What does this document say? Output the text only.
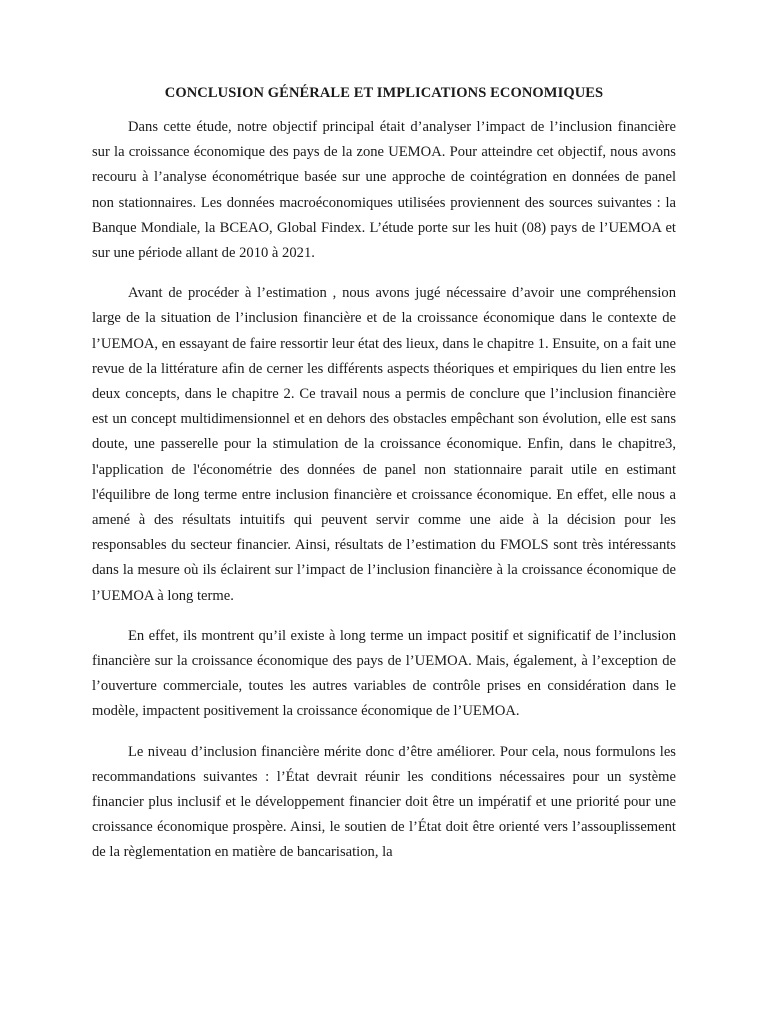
CONCLUSION GÉNÉRALE ET IMPLICATIONS ECONOMIQUES

Dans cette étude, notre objectif principal était d’analyser l’impact de l’inclusion financière sur la croissance économique des pays de la zone UEMOA. Pour atteindre cet objectif, nous avons recouru à l’analyse économétrique basée sur une approche de cointégration en données de panel non stationnaires. Les données macroéconomiques utilisées proviennent des sources suivantes : la Banque Mondiale, la BCEAO, Global Findex. L’étude porte sur les huit (08) pays de l’UEMOA et sur une période allant de 2010 à 2021.

Avant de procéder à l’estimation , nous avons jugé nécessaire d’avoir une compréhension large de la situation de l’inclusion financière et de la croissance économique dans le contexte de l’UEMOA, en essayant de faire ressortir leur état des lieux, dans le chapitre 1. Ensuite, on a fait une revue de la littérature afin de cerner les différents aspects théoriques et empiriques du lien entre les deux concepts, dans le chapitre 2. Ce travail nous a permis de conclure que l’inclusion financière est un concept multidimensionnel et en dehors des obstacles empêchant son évolution, elle est sans doute, une passerelle pour la stimulation de la croissance économique. Enfin, dans le chapitre3, l'application de l'économétrie des données de panel non stationnaire parait utile en estimant l'équilibre de long terme entre inclusion financière et croissance économique. En effet, elle nous a amené à des résultats intuitifs qui peuvent servir comme une aide à la décision pour les responsables du secteur financier. Ainsi, résultats de l’estimation du FMOLS sont très intéressants dans la mesure où ils éclairent sur l’impact de l’inclusion financière à la croissance économique de l’UEMOA à long terme.

En effet, ils montrent qu’il existe à long terme un impact positif et significatif de l’inclusion financière sur la croissance économique des pays de l’UEMOA. Mais, également, à l’exception de l’ouverture commerciale, toutes les autres variables de contrôle prises en considération dans le modèle, impactent positivement la croissance économique de l’UEMOA.

Le niveau d’inclusion financière mérite donc d’être améliorer. Pour cela, nous formulons les recommandations suivantes : l’État devrait réunir les conditions nécessaires pour un système financier plus inclusif et le développement financier doit être un impératif et une priorité pour une croissance économique prospère. Ainsi, le soutien de l’État doit être orienté vers l’assouplissement de la règlementation en matière de bancarisation, la
